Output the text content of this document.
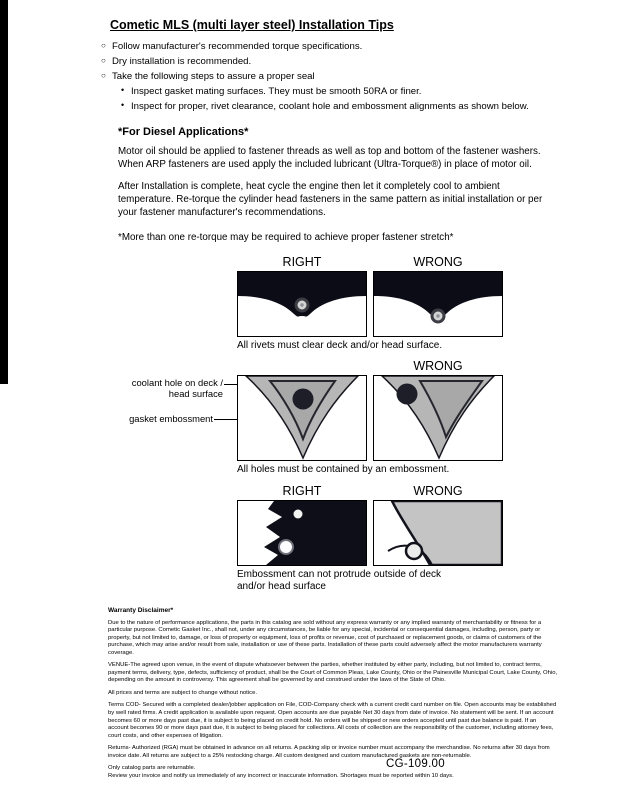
Cometic MLS (multi layer steel) Installation Tips
○ Follow manufacturer's recommended torque specifications.
○ Dry installation is recommended.
○ Take the following steps to assure a proper seal
• Inspect gasket mating surfaces. They must be smooth 50RA or finer.
• Inspect for proper, rivet clearance, coolant hole and embossment alignments as shown below.
*For Diesel Applications*

Motor oil should be applied to fastener threads as well as top and bottom of the fastener washers. When ARP fasteners are used apply the included lubricant (Ultra-Torque®) in place of motor oil.

After Installation is complete, heat cycle the engine then let it completely cool to ambient temperature. Re-torque the cylinder head fasteners in the same pattern as initial installation or per your fastener manufacturer's recommendations.

*More than one re-torque may be required to achieve proper fastener stretch*

RIGHT	WRONG
All rivets must clear deck and/or head surface.
WRONG
coolant hole on deck / head surface
gasket embossment
All holes must be contained by an embossment.
RIGHT	WRONG
Embossment can not protrude outside of deck
and/or head surface
Warranty Disclaimer*

Due to the nature of performance applications, the parts in this catalog are sold without any express warranty or any implied warranty of merchantability or fitness for a particular purpose. Cometic Gasket Inc., shall not, under any circumstances, be liable for any special, incidental or consequential damages, including, person, party or property, but not limited to, damage, or loss of property or equipment, loss of profits or revenue, cost of purchased or replacement goods, or claims of customers of the purchase, which may arise and/or result from sale, installation or use of these parts. Installation of these parts could adversely affect the motor manufacturers warranty coverage.

VENUE-The agreed upon venue, in the event of dispute whatsoever between the parties, whether instituted by either party, including, but not limited to, contract terms, payment terms, delivery, type, defects, sufficiency of product, shall be the Court of Common Pleas, Lake County, Ohio or the Painesville Municipal Court, Lake County, Ohio, depending on the amount in controversy. This agreement shall be governed by and construed under the laws of the State of Ohio.

All prices and terms are subject to change without notice.

Terms COD- Secured with a completed dealer/jobber application on File, COD-Company check with a current credit card number on file. Open accounts may be established by well rated firms. A credit application is available upon request. Open accounts are due payable Net 30 days from date of invoice. No statement will be sent. If an account becomes 60 or more days past due, it is subject to being placed on credit hold. No orders will be shipped or new orders accepted until past due balance is paid. If an account becomes 90 or more days past due, it is subject to being placed for collections. All costs of collection are the responsibility of the customer, including attorney fees, court costs, and other expenses of litigation.

Returns- Authorized (RGA) must be obtained in advance on all returns. A packing slip or invoice number must accompany the merchandise. No returns after 30 days from invoice date. All returns are subject to a 25% restocking charge. All custom designed and custom manufactured gaskets are non-returnable.

Only catalog parts are returnable.

Review your invoice and notify us immediately of any incorrect or inaccurate information. Shortages must be reported within 10 days.

CG-109.00
